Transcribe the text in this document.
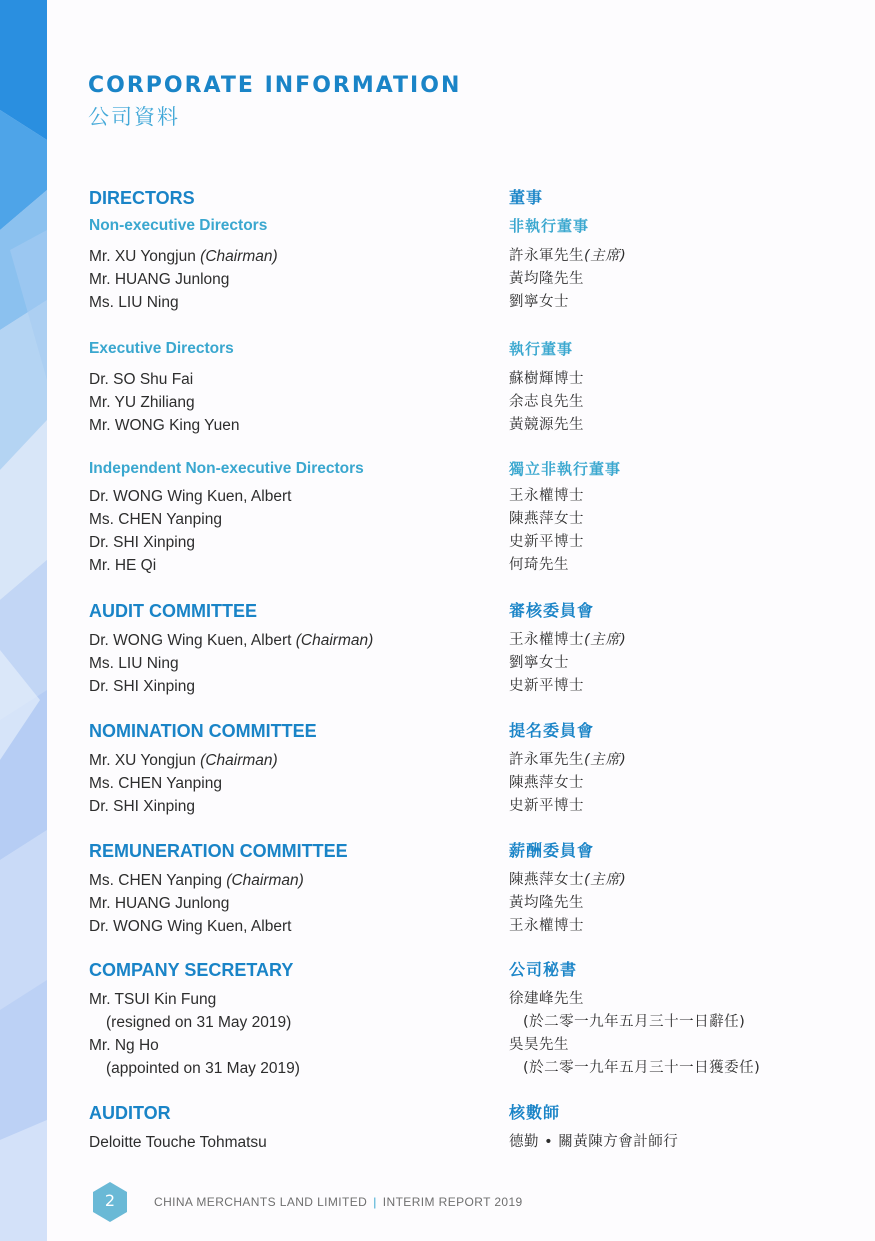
CORPORATE INFORMATION
公司資料
DIRECTORS
Non-executive Directors
Mr. XU Yongjun (Chairman)
Mr. HUANG Junlong
Ms. LIU Ning
Executive Directors
Dr. SO Shu Fai
Mr. YU Zhiliang
Mr. WONG King Yuen
Independent Non-executive Directors
Dr. WONG Wing Kuen, Albert
Ms. CHEN Yanping
Dr. SHI Xinping
Mr. HE Qi
AUDIT COMMITTEE
Dr. WONG Wing Kuen, Albert (Chairman)
Ms. LIU Ning
Dr. SHI Xinping
NOMINATION COMMITTEE
Mr. XU Yongjun (Chairman)
Ms. CHEN Yanping
Dr. SHI Xinping
REMUNERATION COMMITTEE
Ms. CHEN Yanping (Chairman)
Mr. HUANG Junlong
Dr. WONG Wing Kuen, Albert
COMPANY SECRETARY
Mr. TSUI Kin Fung
(resigned on 31 May 2019)
Mr. Ng Ho
(appointed on 31 May 2019)
AUDITOR
Deloitte Touche Tohmatsu
董事
非執行董事
許永軍先生(主席)
黃均隆先生
劉寧女士
執行董事
蘇樹輝博士
余志良先生
黃競源先生
獨立非執行董事
王永權博士
陳燕萍女士
史新平博士
何琦先生
審核委員會
王永權博士(主席)
劉寧女士
史新平博士
提名委員會
許永軍先生(主席)
陳燕萍女士
史新平博士
薪酬委員會
陳燕萍女士(主席)
黃均隆先生
王永權博士
公司秘書
徐建峰先生
(於二零一九年五月三十一日辭任)
吳昊先生
(於二零一九年五月三十一日獲委任)
核數師
德勤 • 關黃陳方會計師行
2	CHINA MERCHANTS LAND LIMITED | INTERIM REPORT 2019
